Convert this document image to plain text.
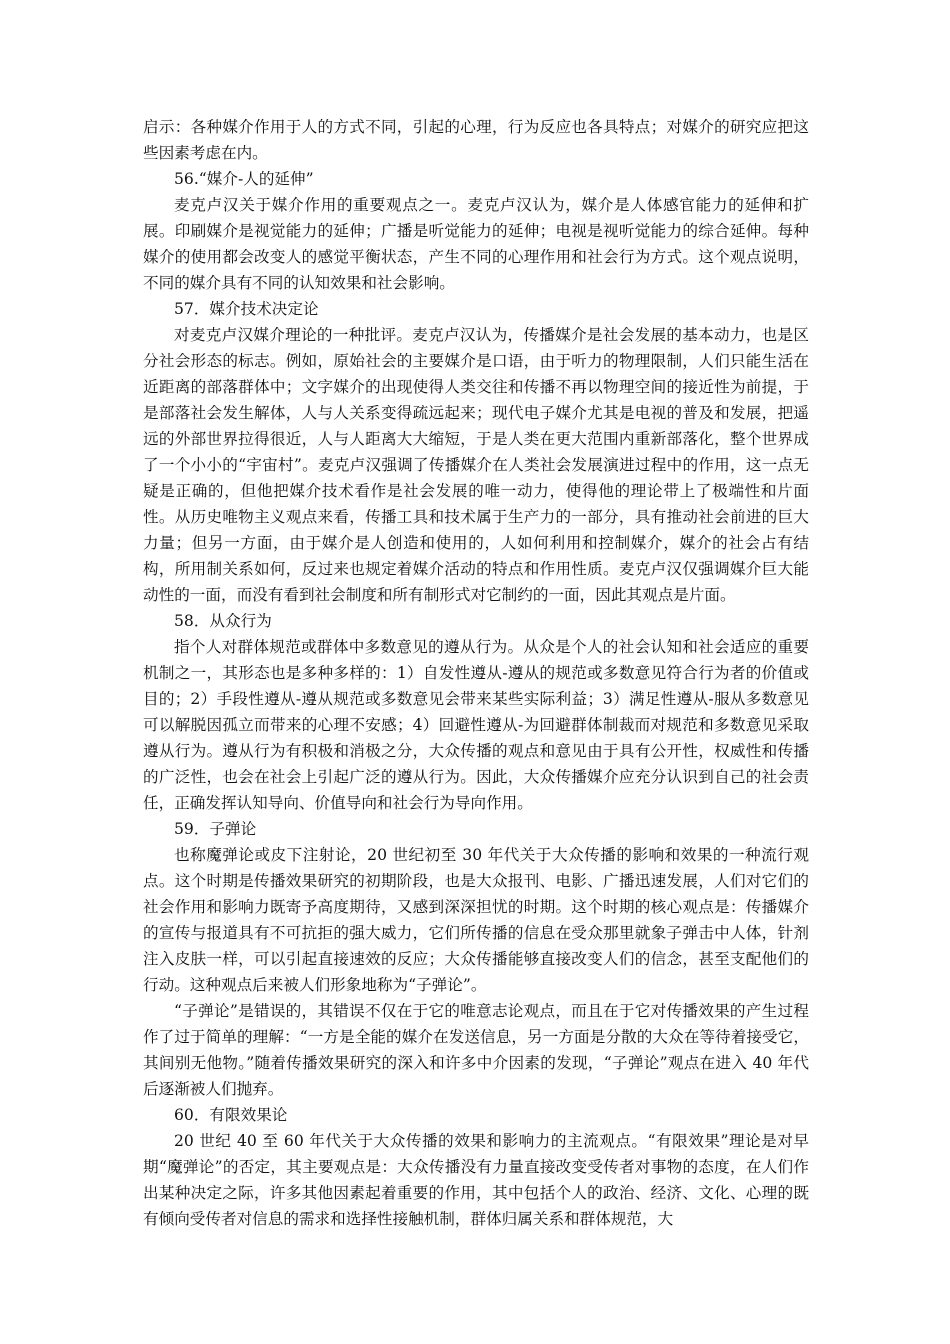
启示：各种媒介作用于人的方式不同，引起的心理，行为反应也各具特点；对媒介的研究应把这些因素考虑在内。

56.“媒介-人的延伸”

麦克卢汉关于媒介作用的重要观点之一。麦克卢汉认为，媒介是人体感官能力的延伸和扩展。印刷媒介是视觉能力的延伸；广播是听觉能力的延伸；电视是视听觉能力的综合延伸。每种媒介的使用都会改变人的感觉平衡状态，产生不同的心理作用和社会行为方式。这个观点说明，不同的媒介具有不同的认知效果和社会影响。

57．媒介技术决定论

对麦克卢汉媒介理论的一种批评。麦克卢汉认为，传播媒介是社会发展的基本动力，也是区分社会形态的标志。例如，原始社会的主要媒介是口语，由于听力的物理限制，人们只能生活在近距离的部落群体中；文字媒介的出现使得人类交往和传播不再以物理空间的接近性为前提，于是部落社会发生解体，人与人关系变得疏远起来；现代电子媒介尤其是电视的普及和发展，把遥远的外部世界拉得很近，人与人距离大大缩短，于是人类在更大范围内重新部落化，整个世界成了一个小小的“宇宙村”。麦克卢汉强调了传播媒介在人类社会发展演进过程中的作用，这一点无疑是正确的，但他把媒介技术看作是社会发展的唯一动力，使得他的理论带上了极端性和片面性。从历史唯物主义观点来看，传播工具和技术属于生产力的一部分，具有推动社会前进的巨大力量；但另一方面，由于媒介是人创造和使用的，人如何利用和控制媒介，媒介的社会占有结构，所用制关系如何，反过来也规定着媒介活动的特点和作用性质。麦克卢汉仅强调媒介巨大能动性的一面，而没有看到社会制度和所有制形式对它制约的一面，因此其观点是片面。

58．从众行为

指个人对群体规范或群体中多数意见的遵从行为。从众是个人的社会认知和社会适应的重要机制之一，其形态也是多种多样的：1）自发性遵从-遵从的规范或多数意见符合行为者的价值或目的；2）手段性遵从-遵从规范或多数意见会带来某些实际利益；3）满足性遵从-服从多数意见可以解脱因孤立而带来的心理不安感；4）回避性遵从-为回避群体制裁而对规范和多数意见采取遵从行为。遵从行为有积极和消极之分，大众传播的观点和意见由于具有公开性，权威性和传播的广泛性，也会在社会上引起广泛的遵从行为。因此，大众传播媒介应充分认识到自己的社会责任，正确发挥认知导向、价值导向和社会行为导向作用。

59．子弹论

也称魔弹论或皮下注射论，20 世纪初至 30 年代关于大众传播的影响和效果的一种流行观点。这个时期是传播效果研究的初期阶段，也是大众报刊、电影、广播迅速发展，人们对它们的社会作用和影响力既寄予高度期待，又感到深深担忧的时期。这个时期的核心观点是：传播媒介的宣传与报道具有不可抗拒的强大威力，它们所传播的信息在受众那里就象子弹击中人体，针剂注入皮肤一样，可以引起直接速效的反应；大众传播能够直接改变人们的信念，甚至支配他们的行动。这种观点后来被人们形象地称为“子弹论”。

“子弹论”是错误的，其错误不仅在于它的唯意志论观点，而且在于它对传播效果的产生过程作了过于简单的理解：“一方是全能的媒介在发送信息，另一方面是分散的大众在等待着接受它，其间别无他物。”随着传播效果研究的深入和许多中介因素的发现，“子弹论”观点在进入 40 年代后逐渐被人们抛弃。

60．有限效果论

20 世纪 40 至 60 年代关于大众传播的效果和影响力的主流观点。“有限效果”理论是对早期“魔弹论”的否定，其主要观点是：大众传播没有力量直接改变受传者对事物的态度，在人们作出某种决定之际，许多其他因素起着重要的作用，其中包括个人的政治、经济、文化、心理的既有倾向受传者对信息的需求和选择性接触机制，群体归属关系和群体规范，大
